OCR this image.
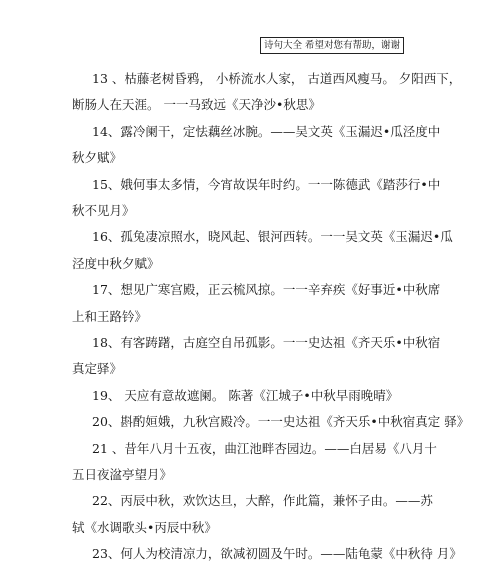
诗句大全 希望对您有帮助，谢谢
13 、枯藤老树昏鸦， 小桥流水人家， 古道西风瘦马。 夕阳西下，
断肠人在天涯。 一一马致远《天净沙•秋思》
14、露冷阑干，定怯藕丝冰腕。——吴文英《玉漏迟•瓜泾度中
秋夕赋》
15、娥何事太多情，今宵故误年时约。一一陈德武《踏莎行•中
秋不见月》
16、孤兔凄凉照水，晓风起、银河西转。一一吴文英《玉漏迟•瓜
泾度中秋夕赋》
17、想见广寒宫殿，正云梳风掠。一一辛弃疾《好事近•中秋席
上和王路钤》
18、有客踌躇，古庭空自吊孤影。一一史达祖《齐天乐•中秋宿
真定驿》
19、 天应有意故遮阑。 陈著《江城子•中秋早雨晚晴》
20、斟酌姮娥，九秋宫殿冷。一一史达祖《齐天乐•中秋宿真定 驿》
21 、昔年八月十五夜，曲江池畔杏园边。——白居易《八月十
五日夜湓亭望月》
22、丙辰中秋，欢饮达旦，大醉，作此篇，兼怀子由。——苏
轼《水调歌头•丙辰中秋》
23、何人为校清凉力，欲减初圆及午时。——陆龟蒙《中秋待 月》
